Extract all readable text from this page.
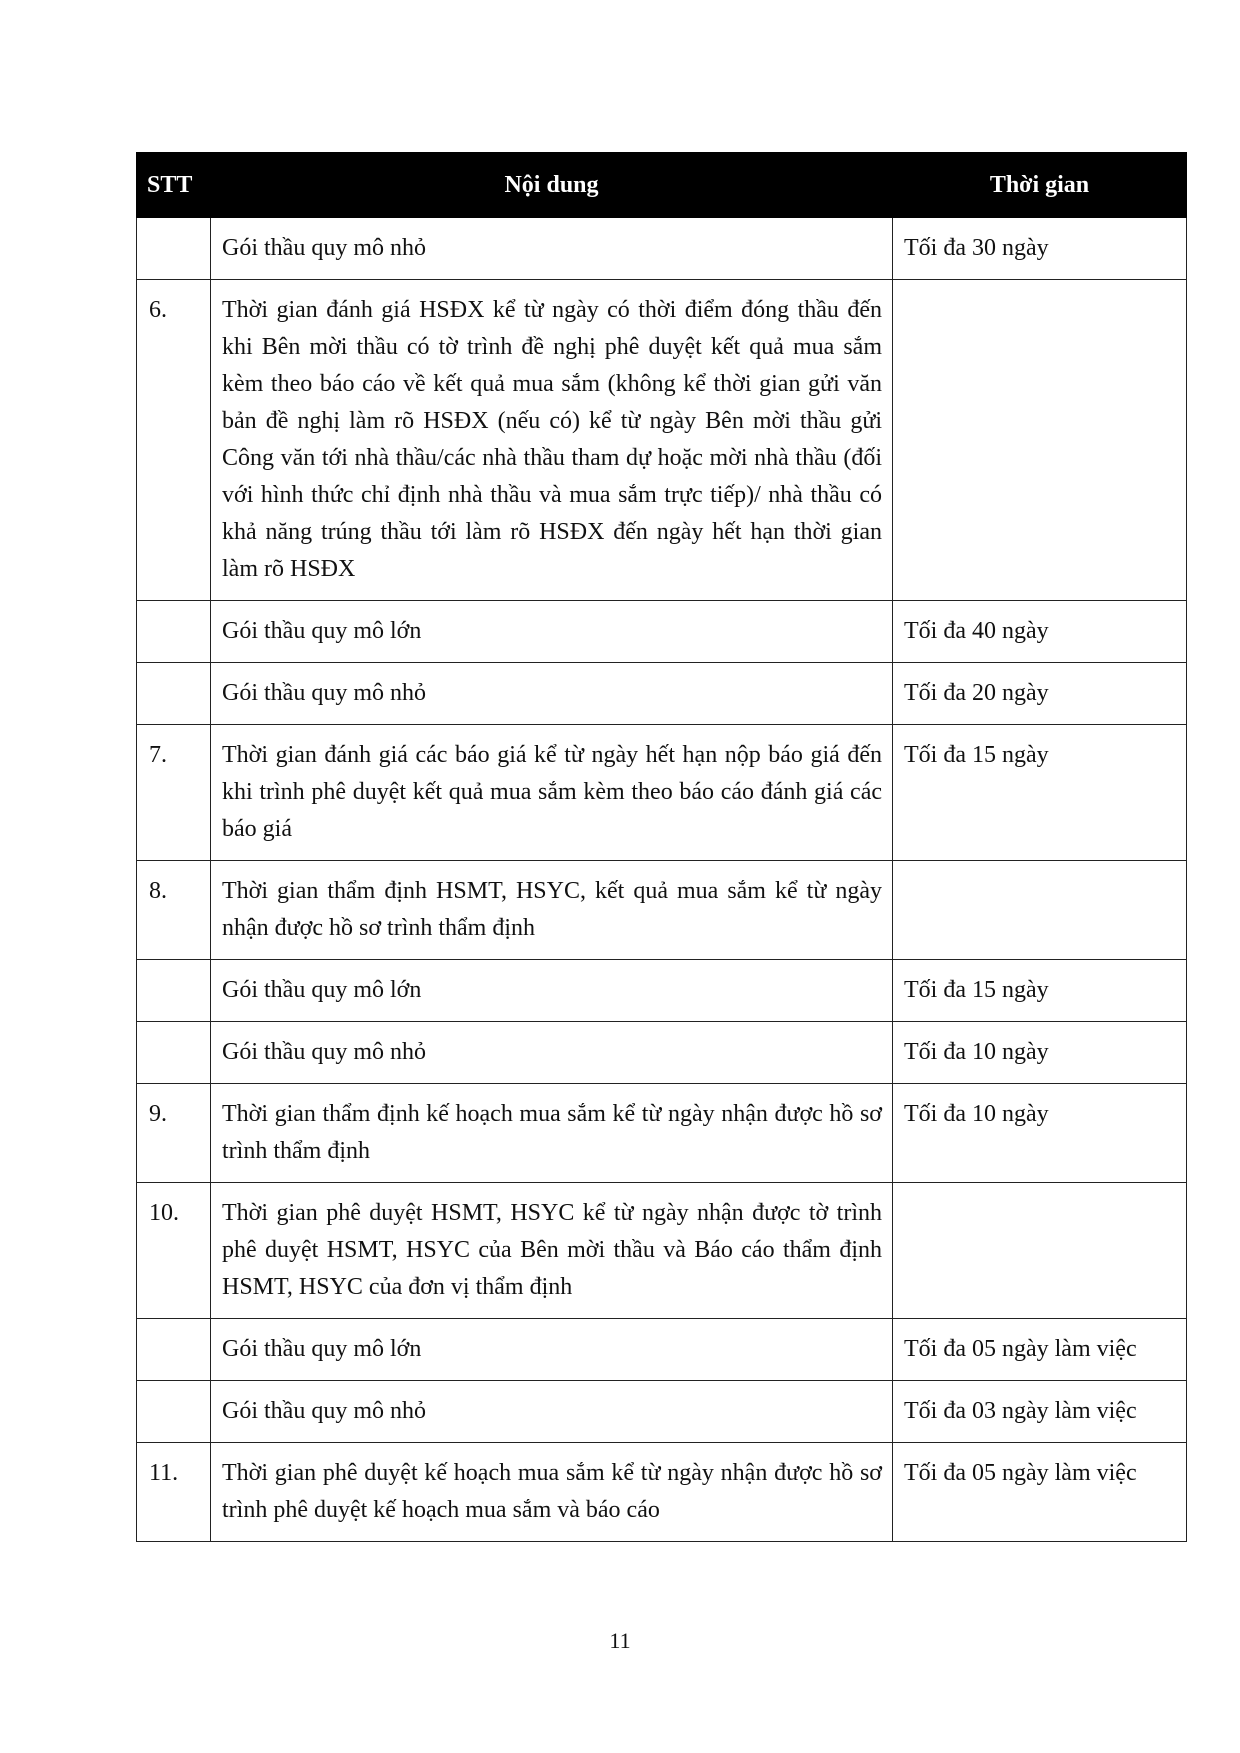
STT	Nội dung	Thời gian
	Gói thầu quy mô nhỏ	Tối đa 30 ngày
6.	Thời gian đánh giá HSĐX kể từ ngày có thời điểm đóng thầu đến khi Bên mời thầu có tờ trình đề nghị phê duyệt kết quả mua sắm kèm theo báo cáo về kết quả mua sắm (không kể thời gian gửi văn bản đề nghị làm rõ HSĐX (nếu có) kể từ ngày Bên mời thầu gửi Công văn tới nhà thầu/các nhà thầu tham dự hoặc mời nhà thầu (đối với hình thức chỉ định nhà thầu và mua sắm trực tiếp)/ nhà thầu có khả năng trúng thầu tới làm rõ HSĐX đến ngày hết hạn thời gian làm rõ HSĐX	
	Gói thầu quy mô lớn	Tối đa 40 ngày
	Gói thầu quy mô nhỏ	Tối đa 20 ngày
7.	Thời gian đánh giá các báo giá kể từ ngày hết hạn nộp báo giá đến khi trình phê duyệt kết quả mua sắm kèm theo báo cáo đánh giá các báo giá	Tối đa 15 ngày
8.	Thời gian thẩm định HSMT, HSYC, kết quả mua sắm kể từ ngày nhận được hồ sơ trình thẩm định	
	Gói thầu quy mô lớn	Tối đa 15 ngày
	Gói thầu quy mô nhỏ	Tối đa 10 ngày
9.	Thời gian thẩm định kế hoạch mua sắm kể từ ngày nhận được hồ sơ trình thẩm định	Tối đa 10 ngày
10.	Thời gian phê duyệt HSMT, HSYC kể từ ngày nhận được tờ trình phê duyệt HSMT, HSYC của Bên mời thầu và Báo cáo thẩm định HSMT, HSYC của đơn vị thẩm định	
	Gói thầu quy mô lớn	Tối đa 05 ngày làm việc
	Gói thầu quy mô nhỏ	Tối đa 03 ngày làm việc
11.	Thời gian phê duyệt kế hoạch mua sắm kể từ ngày nhận được hồ sơ trình phê duyệt kế hoạch mua sắm và báo cáo	Tối đa 05 ngày làm việc
11
